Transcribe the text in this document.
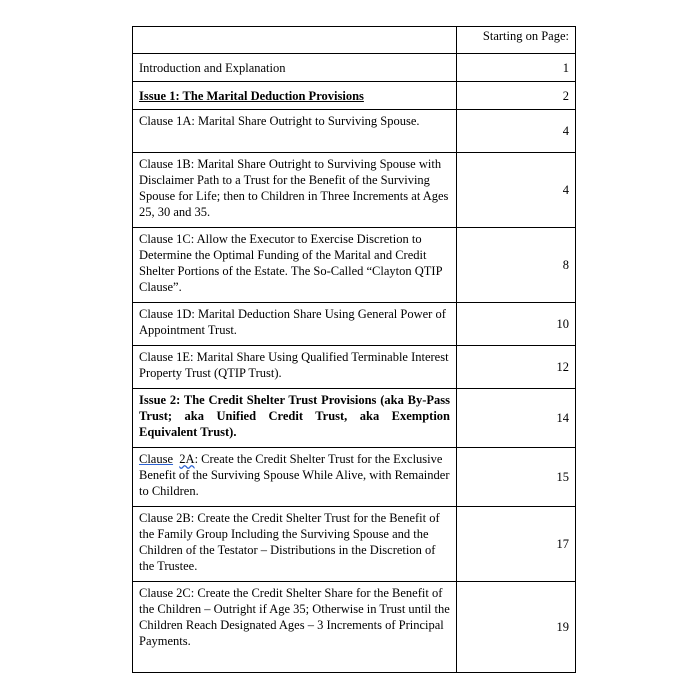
	Starting on Page:
Introduction and Explanation	1
Issue 1: The Marital Deduction Provisions	2
Clause 1A: Marital Share Outright to Surviving Spouse.	4
Clause 1B: Marital Share Outright to Surviving Spouse with Disclaimer Path to a Trust for the Benefit of the Surviving Spouse for Life; then to Children in Three Increments at Ages 25, 30 and 35.	4
Clause 1C: Allow the Executor to Exercise Discretion to Determine the Optimal Funding of the Marital and Credit Shelter Portions of the Estate. The So-Called “Clayton QTIP Clause”.	8
Clause 1D: Marital Deduction Share Using General Power of Appointment Trust.	10
Clause 1E: Marital Share Using Qualified Terminable Interest Property Trust (QTIP Trust).	12
Issue 2: The Credit Shelter Trust Provisions (aka By-Pass Trust; aka Unified Credit Trust, aka Exemption Equivalent Trust).	14
Clause 2A: Create the Credit Shelter Trust for the Exclusive Benefit of the Surviving Spouse While Alive, with Remainder to Children.	15
Clause 2B: Create the Credit Shelter Trust for the Benefit of the Family Group Including the Surviving Spouse and the Children of the Testator – Distributions in the Discretion of the Trustee.	17
Clause 2C: Create the Credit Shelter Share for the Benefit of the Children – Outright if Age 35; Otherwise in Trust until the Children Reach Designated Ages – 3 Increments of Principal Payments.	19
